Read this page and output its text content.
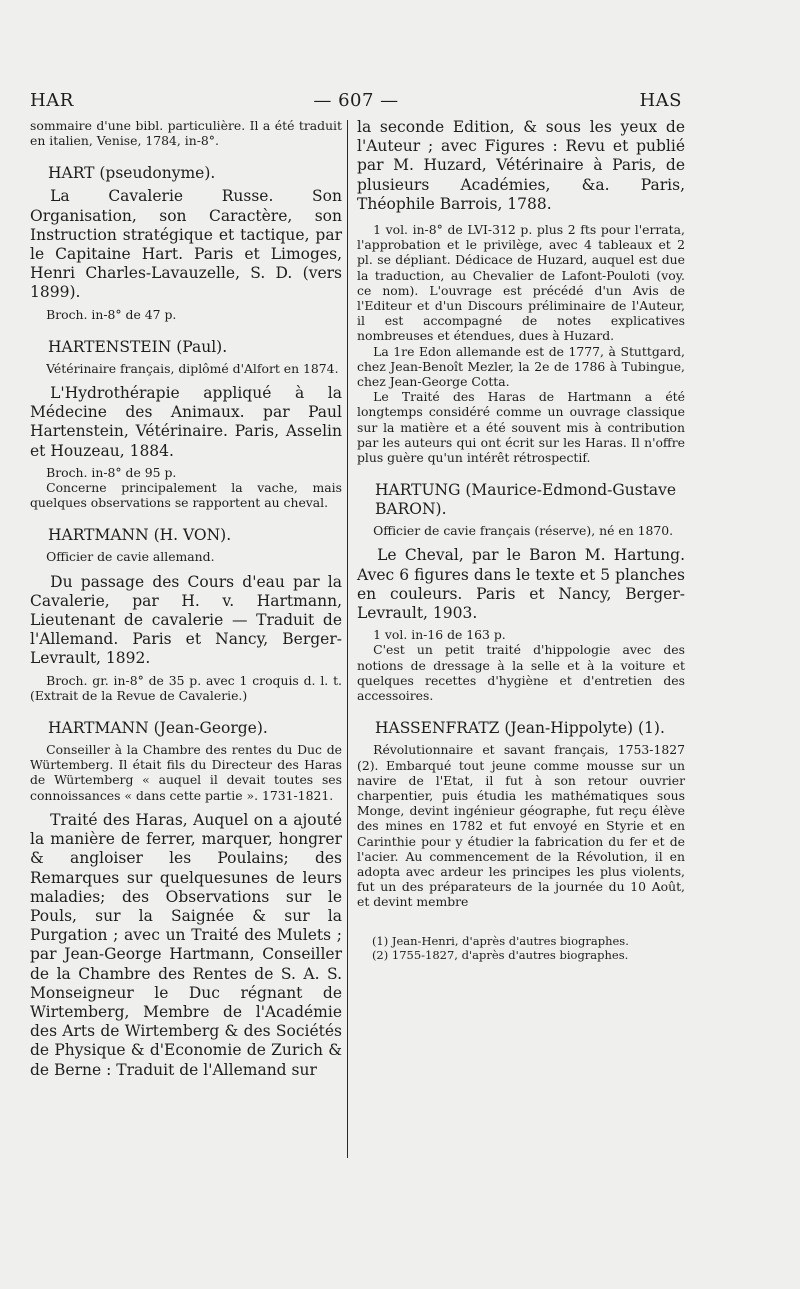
HAR	— 607 —	HAS

sommaire d'une bibl. particulière. Il a été traduit en italien, Venise, 1784, in-8°.

HART (pseudonyme).

La Cavalerie Russe. Son Organisation, son Caractère, son Instruction stratégique et tactique, par le Capitaine Hart. Paris et Limoges, Henri Charles-Lavauzelle, S. D. (vers 1899).

Broch. in-8° de 47 p.

HARTENSTEIN (Paul).

Vétérinaire français, diplômé d'Alfort en 1874.

L'Hydrothérapie appliqué à la Médecine des Animaux. par Paul Hartenstein, Vétérinaire. Paris, Asselin et Houzeau, 1884.

Broch. in-8° de 95 p.

Concerne principalement la vache, mais quelques observations se rapportent au cheval.

HARTMANN (H. VON).

Officier de cavie allemand.

Du passage des Cours d'eau par la Cavalerie, par H. v. Hartmann, Lieutenant de cavalerie — Traduit de l'Allemand. Paris et Nancy, Berger-Levrault, 1892.

Broch. gr. in-8° de 35 p. avec 1 croquis d. l. t. (Extrait de la Revue de Cavalerie.)

HARTMANN (Jean-George).

Conseiller à la Chambre des rentes du Duc de Würtemberg. Il était fils du Directeur des Haras de Würtemberg « auquel il devait toutes ses connoissances « dans cette partie ». 1731-1821.

Traité des Haras, Auquel on a ajouté la manière de ferrer, marquer, hongrer & angloiser les Poulains; des Remarques sur quelquesunes de leurs maladies; des Observations sur le Pouls, sur la Saignée & sur la Purgation ; avec un Traité des Mulets ; par Jean-George Hartmann, Conseiller de la Chambre des Rentes de S. A. S. Monseigneur le Duc régnant de Wirtemberg, Membre de l'Académie des Arts de Wirtemberg & des Sociétés de Physique & d'Economie de Zurich & de Berne : Traduit de l'Allemand sur

la seconde Edition, & sous les yeux de l'Auteur ; avec Figures : Revu et publié par M. Huzard, Vétérinaire à Paris, de plusieurs Académies, &a. Paris, Théophile Barrois, 1788.

1 vol. in-8° de LVI-312 p. plus 2 fts pour l'errata, l'approbation et le privilège, avec 4 tableaux et 2 pl. se dépliant. Dédicace de Huzard, auquel est due la traduction, au Chevalier de Lafont-Pouloti (voy. ce nom). L'ouvrage est précédé d'un Avis de l'Editeur et d'un Discours préliminaire de l'Auteur, il est accompagné de notes explicatives nombreuses et étendues, dues à Huzard.

La 1re Edon allemande est de 1777, à Stuttgard, chez Jean-Benoît Mezler, la 2e de 1786 à Tubingue, chez Jean-George Cotta.

Le Traité des Haras de Hartmann a été longtemps considéré comme un ouvrage classique sur la matière et a été souvent mis à contribution par les auteurs qui ont écrit sur les Haras. Il n'offre plus guère qu'un intérêt rétrospectif.

HARTUNG (Maurice-Edmond-Gustave BARON).

Officier de cavie français (réserve), né en 1870.

Le Cheval, par le Baron M. Hartung. Avec 6 figures dans le texte et 5 planches en couleurs. Paris et Nancy, Berger-Levrault, 1903.

1 vol. in-16 de 163 p.

C'est un petit traité d'hippologie avec des notions de dressage à la selle et à la voiture et quelques recettes d'hygiène et d'entretien des accessoires.

HASSENFRATZ (Jean-Hippolyte) (1).

Révolutionnaire et savant français, 1753-1827 (2). Embarqué tout jeune comme mousse sur un navire de l'Etat, il fut à son retour ouvrier charpentier, puis étudia les mathématiques sous Monge, devint ingénieur géographe, fut reçu élève des mines en 1782 et fut envoyé en Styrie et en Carinthie pour y étudier la fabrication du fer et de l'acier. Au commencement de la Révolution, il en adopta avec ardeur les principes les plus violents, fut un des préparateurs de la journée du 10 Août, et devint membre

(1) Jean-Henri, d'après d'autres biographes.

(2) 1755-1827, d'après d'autres biographes.
